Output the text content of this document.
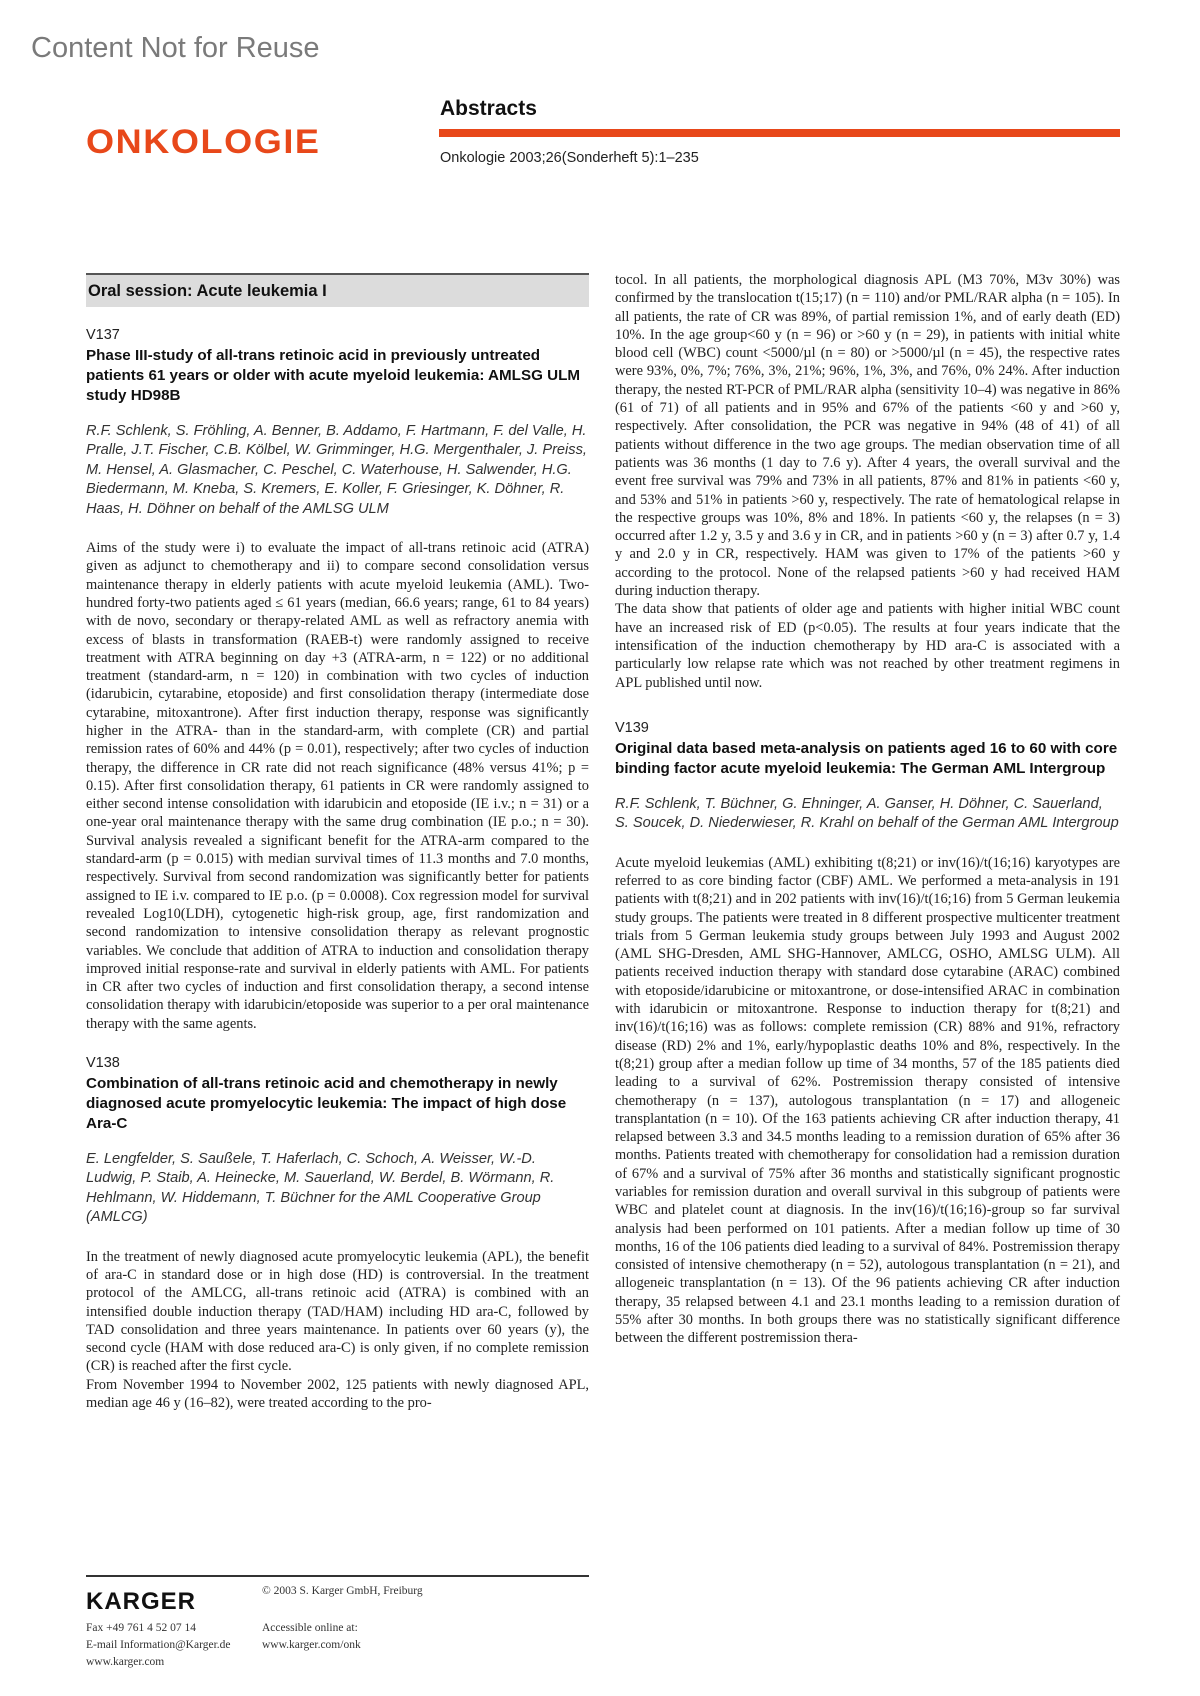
Content Not for Reuse
ONKOLOGIE
Abstracts
Onkologie 2003;26(Sonderheft 5):1–235
Oral session: Acute leukemia I
V137
Phase III-study of all-trans retinoic acid in previously untreated patients 61 years or older with acute myeloid leukemia: AMLSG ULM study HD98B
R.F. Schlenk, S. Fröhling, A. Benner, B. Addamo, F. Hartmann, F. del Valle, H. Pralle, J.T. Fischer, C.B. Kölbel, W. Grimminger, H.G. Mergenthaler, J. Preiss, M. Hensel, A. Glasmacher, C. Peschel, C. Waterhouse, H. Salwender, H.G. Biedermann, M. Kneba, S. Kremers, E. Koller, F. Griesinger, K. Döhner, R. Haas, H. Döhner on behalf of the AMLSG ULM

Aims of the study were i) to evaluate the impact of all-trans retinoic acid (ATRA) given as adjunct to chemotherapy and ii) to compare second consolidation versus maintenance therapy in elderly patients with acute myeloid leukemia (AML). Two-hundred forty-two patients aged ≤ 61 years (median, 66.6 years; range, 61 to 84 years) with de novo, secondary or therapy-related AML as well as refractory anemia with excess of blasts in transformation (RAEB-t) were randomly assigned to receive treatment with ATRA beginning on day +3 (ATRA-arm, n = 122) or no additional treatment (standard-arm, n = 120) in combination with two cycles of induction (idarubicin, cytarabine, etoposide) and first consolidation therapy (intermediate dose cytarabine, mitoxantrone). After first induction therapy, response was significantly higher in the ATRA- than in the standard-arm, with complete (CR) and partial remission rates of 60% and 44% (p = 0.01), respectively; after two cycles of induction therapy, the difference in CR rate did not reach significance (48% versus 41%; p = 0.15). After first consolidation therapy, 61 patients in CR were randomly assigned to either second intense consolidation with idarubicin and etoposide (IE i.v.; n = 31) or a one-year oral maintenance therapy with the same drug combination (IE p.o.; n = 30). Survival analysis revealed a significant benefit for the ATRA-arm compared to the standard-arm (p = 0.015) with median survival times of 11.3 months and 7.0 months, respectively. Survival from second randomization was significantly better for patients assigned to IE i.v. compared to IE p.o. (p = 0.0008). Cox regression model for survival revealed Log10(LDH), cytogenetic high-risk group, age, first randomization and second randomization to intensive consolidation therapy as relevant prognostic variables. We conclude that addition of ATRA to induction and consolidation therapy improved initial response-rate and survival in elderly patients with AML. For patients in CR after two cycles of induction and first consolidation therapy, a second intense consolidation therapy with idarubicin/etoposide was superior to a per oral maintenance therapy with the same agents.

V138
Combination of all-trans retinoic acid and chemotherapy in newly diagnosed acute promyelocytic leukemia: The impact of high dose Ara-C
E. Lengfelder, S. Saußele, T. Haferlach, C. Schoch, A. Weisser, W.-D. Ludwig, P. Staib, A. Heinecke, M. Sauerland, W. Berdel, B. Wörmann, R. Hehlmann, W. Hiddemann, T. Büchner for the AML Cooperative Group (AMLCG)

In the treatment of newly diagnosed acute promyelocytic leukemia (APL), the benefit of ara-C in standard dose or in high dose (HD) is controversial. In the treatment protocol of the AMLCG, all-trans retinoic acid (ATRA) is combined with an intensified double induction therapy (TAD/HAM) including HD ara-C, followed by TAD consolidation and three years maintenance. In patients over 60 years (y), the second cycle (HAM with dose reduced ara-C) is only given, if no complete remission (CR) is reached after the first cycle.

From November 1994 to November 2002, 125 patients with newly diagnosed APL, median age 46 y (16–82), were treated according to the pro-

tocol. In all patients, the morphological diagnosis APL (M3 70%, M3v 30%) was confirmed by the translocation t(15;17) (n = 110) and/or PML/RAR alpha (n = 105). In all patients, the rate of CR was 89%, of partial remission 1%, and of early death (ED) 10%. In the age group<60 y (n = 96) or >60 y (n = 29), in patients with initial white blood cell (WBC) count <5000/µl (n = 80) or >5000/µl (n = 45), the respective rates were 93%, 0%, 7%; 76%, 3%, 21%; 96%, 1%, 3%, and 76%, 0% 24%. After induction therapy, the nested RT-PCR of PML/RAR alpha (sensitivity 10–4) was negative in 86% (61 of 71) of all patients and in 95% and 67% of the patients <60 y and >60 y, respectively. After consolidation, the PCR was negative in 94% (48 of 41) of all patients without difference in the two age groups. The median observation time of all patients was 36 months (1 day to 7.6 y). After 4 years, the overall survival and the event free survival was 79% and 73% in all patients, 87% and 81% in patients <60 y, and 53% and 51% in patients >60 y, respectively. The rate of hematological relapse in the respective groups was 10%, 8% and 18%. In patients <60 y, the relapses (n = 3) occurred after 1.2 y, 3.5 y and 3.6 y in CR, and in patients >60 y (n = 3) after 0.7 y, 1.4 y and 2.0 y in CR, respectively. HAM was given to 17% of the patients >60 y according to the protocol. None of the relapsed patients >60 y had received HAM during induction therapy.

The data show that patients of older age and patients with higher initial WBC count have an increased risk of ED (p<0.05). The results at four years indicate that the intensification of the induction chemotherapy by HD ara-C is associated with a particularly low relapse rate which was not reached by other treatment regimens in APL published until now.

V139
Original data based meta-analysis on patients aged 16 to 60 with core binding factor acute myeloid leukemia: The German AML Intergroup
R.F. Schlenk, T. Büchner, G. Ehninger, A. Ganser, H. Döhner, C. Sauerland, S. Soucek, D. Niederwieser, R. Krahl on behalf of the German AML Intergroup

Acute myeloid leukemias (AML) exhibiting t(8;21) or inv(16)/t(16;16) karyotypes are referred to as core binding factor (CBF) AML. We performed a meta-analysis in 191 patients with t(8;21) and in 202 patients with inv(16)/t(16;16) from 5 German leukemia study groups. The patients were treated in 8 different prospective multicenter treatment trials from 5 German leukemia study groups between July 1993 and August 2002 (AML SHG-Dresden, AML SHG-Hannover, AMLCG, OSHO, AMLSG ULM). All patients received induction therapy with standard dose cytarabine (ARAC) combined with etoposide/idarubicine or mitoxantrone, or dose-intensified ARAC in combination with idarubicin or mitoxantrone. Response to induction therapy for t(8;21) and inv(16)/t(16;16) was as follows: complete remission (CR) 88% and 91%, refractory disease (RD) 2% and 1%, early/hypoplastic deaths 10% and 8%, respectively. In the t(8;21) group after a median follow up time of 34 months, 57 of the 185 patients died leading to a survival of 62%. Postremission therapy consisted of intensive chemotherapy (n = 137), autologous transplantation (n = 17) and allogeneic transplantation (n = 10). Of the 163 patients achieving CR after induction therapy, 41 relapsed between 3.3 and 34.5 months leading to a remission duration of 65% after 36 months. Patients treated with chemotherapy for consolidation had a remission duration of 67% and a survival of 75% after 36 months and statistically significant prognostic variables for remission duration and overall survival in this subgroup of patients were WBC and platelet count at diagnosis. In the inv(16)/t(16;16)-group so far survival analysis had been performed on 101 patients. After a median follow up time of 30 months, 16 of the 106 patients died leading to a survival of 84%. Postremission therapy consisted of intensive chemotherapy (n = 52), autologous transplantation (n = 21), and allogeneic transplantation (n = 13). Of the 96 patients achieving CR after induction therapy, 35 relapsed between 4.1 and 23.1 months leading to a remission duration of 55% after 30 months. In both groups there was no statistically significant difference between the different postremission thera-

KARGER	© 2003 S. Karger GmbH, Freiburg
Fax +49 761 4 52 07 14
E-mail Information@Karger.de
www.karger.com
Accessible online at:
www.karger.com/onk
